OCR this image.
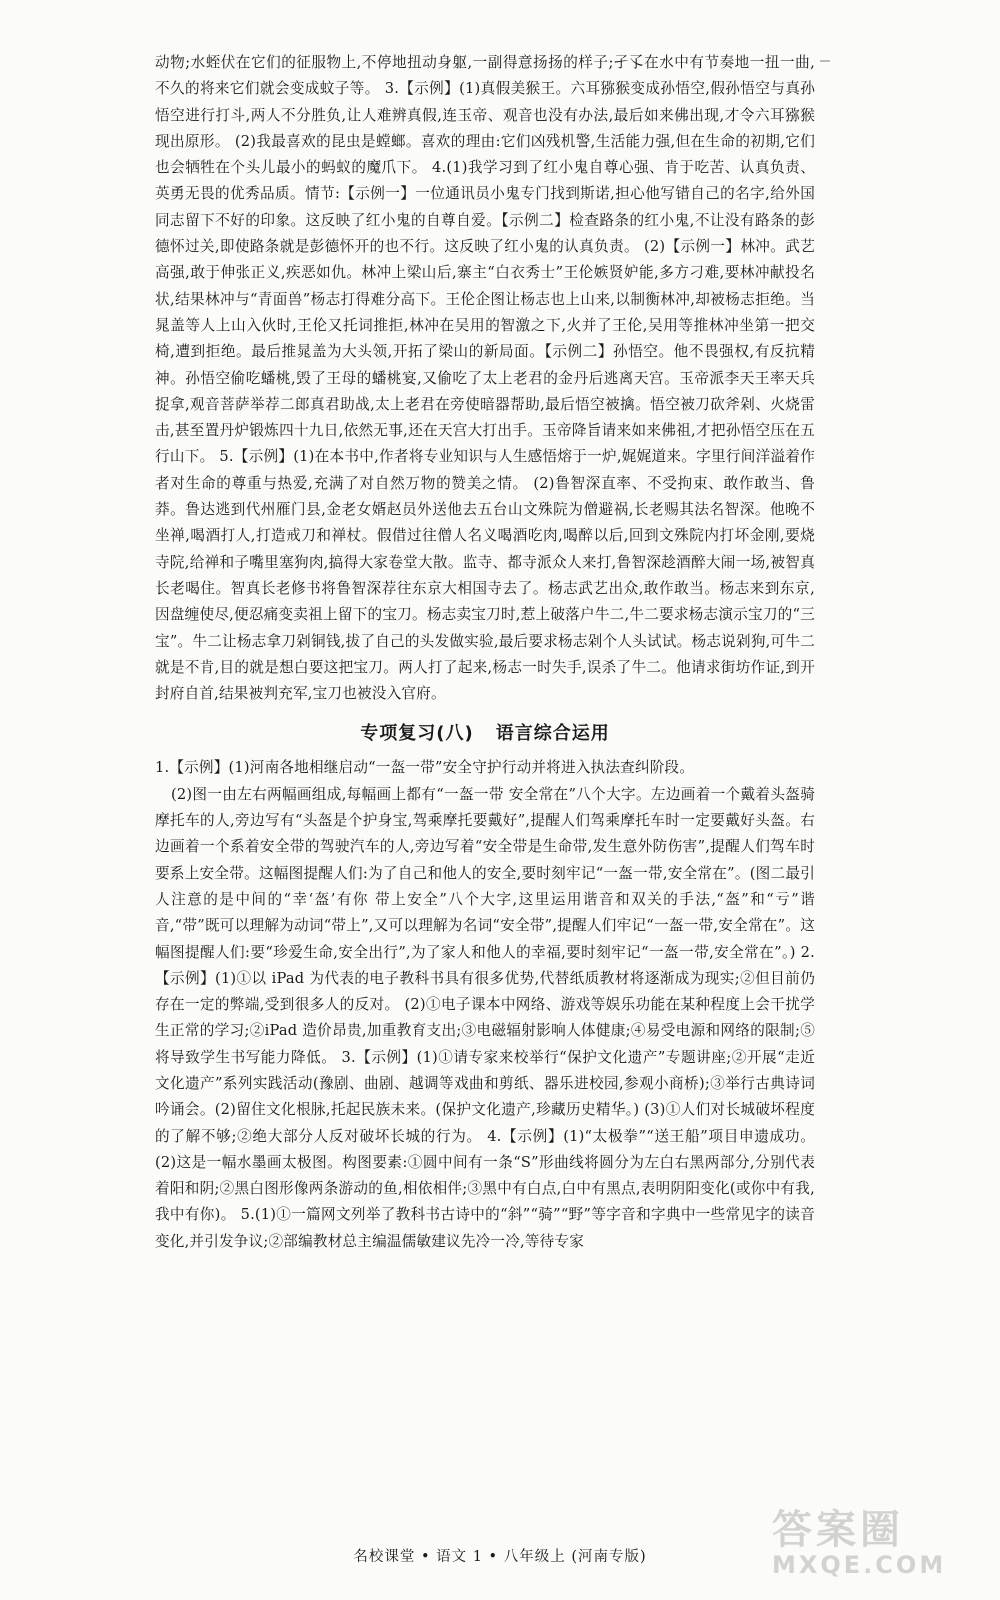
动物;水蛭伏在它们的征服物上,不停地扭动身躯,一副得意扬扬的样子;孑孓在水中有节奏地一扭一曲,不久的将来它们就会变成蚊子等。 3.【示例】(1)真假美猴王。六耳猕猴变成孙悟空,假孙悟空与真孙悟空进行打斗,两人不分胜负,让人难辨真假,连玉帝、观音也没有办法,最后如来佛出现,才令六耳猕猴现出原形。 (2)我最喜欢的昆虫是螳螂。喜欢的理由:它们凶残机警,生活能力强,但在生命的初期,它们也会牺牲在个头儿最小的蚂蚁的魔爪下。 4.(1)我学习到了红小鬼自尊心强、肯于吃苦、认真负责、英勇无畏的优秀品质。情节:【示例一】一位通讯员小鬼专门找到斯诺,担心他写错自己的名字,给外国同志留下不好的印象。这反映了红小鬼的自尊自爱。【示例二】检查路条的红小鬼,不让没有路条的彭德怀过关,即使路条就是彭德怀开的也不行。这反映了红小鬼的认真负责。 (2)【示例一】林冲。武艺高强,敢于伸张正义,疾恶如仇。林冲上梁山后,寨主“白衣秀士”王伦嫉贤妒能,多方刁难,要林冲献投名状,结果林冲与“青面兽”杨志打得难分高下。王伦企图让杨志也上山来,以制衡林冲,却被杨志拒绝。当晁盖等人上山入伙时,王伦又托词推拒,林冲在吴用的智激之下,火并了王伦,吴用等推林冲坐第一把交椅,遭到拒绝。最后推晁盖为大头领,开拓了梁山的新局面。【示例二】孙悟空。他不畏强权,有反抗精神。孙悟空偷吃蟠桃,毁了王母的蟠桃宴,又偷吃了太上老君的金丹后逃离天宫。玉帝派李天王率天兵捉拿,观音菩萨举荐二郎真君助战,太上老君在旁使暗器帮助,最后悟空被擒。悟空被刀砍斧剁、火烧雷击,甚至置丹炉锻炼四十九日,依然无事,还在天宫大打出手。玉帝降旨请来如来佛祖,才把孙悟空压在五行山下。 5.【示例】(1)在本书中,作者将专业知识与人生感悟熔于一炉,娓娓道来。字里行间洋溢着作者对生命的尊重与热爱,充满了对自然万物的赞美之情。 (2)鲁智深直率、不受拘束、敢作敢当、鲁莽。鲁达逃到代州雁门县,金老女婿赵员外送他去五台山文殊院为僧避祸,长老赐其法名智深。他晚不坐禅,喝酒打人,打造戒刀和禅杖。假借过往僧人名义喝酒吃肉,喝醉以后,回到文殊院内打坏金刚,要烧寺院,给禅和子嘴里塞狗肉,搞得大家卷堂大散。监寺、都寺派众人来打,鲁智深趁酒醉大闹一场,被智真长老喝住。智真长老修书将鲁智深荐往东京大相国寺去了。杨志武艺出众,敢作敢当。杨志来到东京,因盘缠使尽,便忍痛变卖祖上留下的宝刀。杨志卖宝刀时,惹上破落户牛二,牛二要求杨志演示宝刀的“三宝”。牛二让杨志拿刀剁铜钱,拔了自己的头发做实验,最后要求杨志剁个人头试试。杨志说剁狗,可牛二就是不肯,目的就是想白要这把宝刀。两人打了起来,杨志一时失手,误杀了牛二。他请求街坊作证,到开封府自首,结果被判充军,宝刀也被没入官府。

专项复习(八) 语言综合运用

1.【示例】(1)河南各地相继启动“一盔一带”安全守护行动并将进入执法查纠阶段。

(2)图一由左右两幅画组成,每幅画上都有“一盔一带 安全常在”八个大字。左边画着一个戴着头盔骑摩托车的人,旁边写有“头盔是个护身宝,驾乘摩托要戴好”,提醒人们驾乘摩托车时一定要戴好头盔。右边画着一个系着安全带的驾驶汽车的人,旁边写着“安全带是生命带,发生意外防伤害”,提醒人们驾车时要系上安全带。这幅图提醒人们:为了自己和他人的安全,要时刻牢记“一盔一带,安全常在”。(图二最引人注意的是中间的“幸‘盔’有你 带上安全”八个大字,这里运用谐音和双关的手法,“盔”和“亏”谐音,“带”既可以理解为动词“带上”,又可以理解为名词“安全带”,提醒人们牢记“一盔一带,安全常在”。这幅图提醒人们:要“珍爱生命,安全出行”,为了家人和他人的幸福,要时刻牢记“一盔一带,安全常在”。) 2.【示例】(1)①以 iPad 为代表的电子教科书具有很多优势,代替纸质教材将逐渐成为现实;②但目前仍存在一定的弊端,受到很多人的反对。 (2)①电子课本中网络、游戏等娱乐功能在某种程度上会干扰学生正常的学习;②iPad 造价昂贵,加重教育支出;③电磁辐射影响人体健康;④易受电源和网络的限制;⑤将导致学生书写能力降低。 3.【示例】(1)①请专家来校举行“保护文化遗产”专题讲座;②开展“走近文化遗产”系列实践活动(豫剧、曲剧、越调等戏曲和剪纸、器乐进校园,参观小商桥);③举行古典诗词吟诵会。(2)留住文化根脉,托起民族未来。(保护文化遗产,珍藏历史精华。) (3)①人们对长城破坏程度的了解不够;②绝大部分人反对破坏长城的行为。 4.【示例】(1)“太极拳”“送王船”项目申遗成功。 (2)这是一幅水墨画太极图。构图要素:①圆中间有一条“S”形曲线将圆分为左白右黑两部分,分别代表着阳和阴;②黑白图形像两条游动的鱼,相依相伴;③黑中有白点,白中有黑点,表明阴阳变化(或你中有我,我中有你)。 5.(1)①一篇网文列举了教科书古诗中的“斜”“骑”“野”等字音和字典中一些常见字的读音变化,并引发争议;②部编教材总主编温儒敏建议先冷一冷,等待专家

名校课堂 • 语文 1 • 八年级上 (河南专版)
答案圈
MXQE.COM
